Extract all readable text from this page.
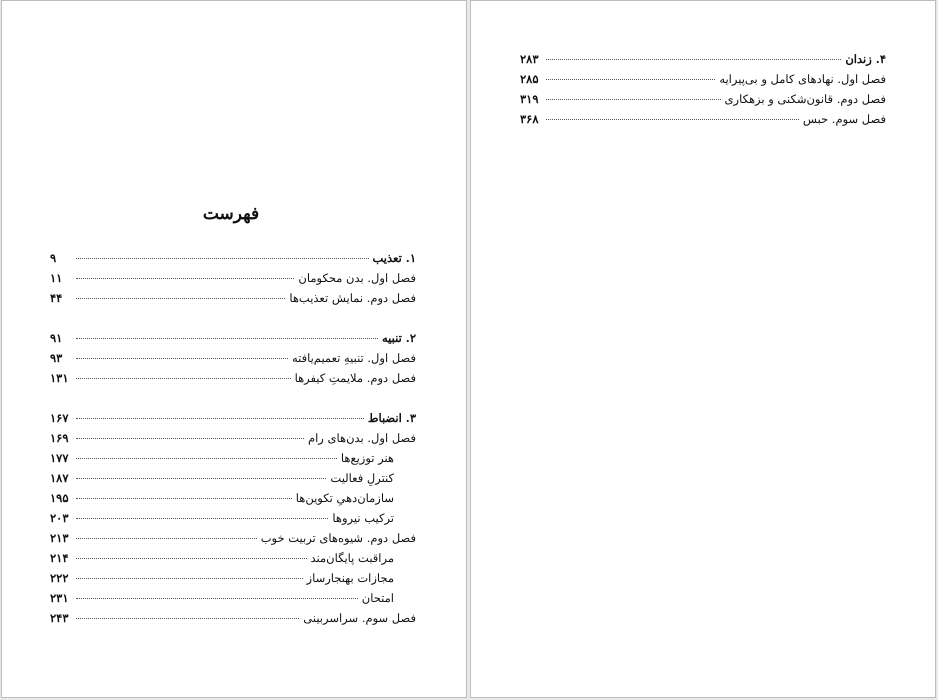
فهرست
۱. تعذیب
۹
فصل اول. بدن محکومان
۱۱
فصل دوم. نمایش تعذیب‌ها
۴۴
۲. تنبیه
۹۱
فصل اول. تنبیهِ تعمیم‌یافته
۹۳
فصل دوم. ملایمتِ کیفرها
۱۳۱
۳. انضباط
۱۶۷
فصل اول. بدن‌های رام
۱۶۹
هنر توزیع‌ها
۱۷۷
کنترلِ فعالیت
۱۸۷
سازمان‌دهیِ تکوین‌ها
۱۹۵
ترکیب نیروها
۲۰۳
فصل دوم. شیوه‌های تربیت خوب
۲۱۳
مراقبت پایگان‌مند
۲۱۴
مجازات بهنجارساز
۲۲۲
امتحان
۲۳۱
فصل سوم. سراسربینی
۲۴۳
۴. زندان
۲۸۳
فصل اول. نهادهای کامل و بی‌پیرایه
۲۸۵
فصل دوم. قانون‌شکنی و بزهکاری
۳۱۹
فصل سوم. حبس
۳۶۸
